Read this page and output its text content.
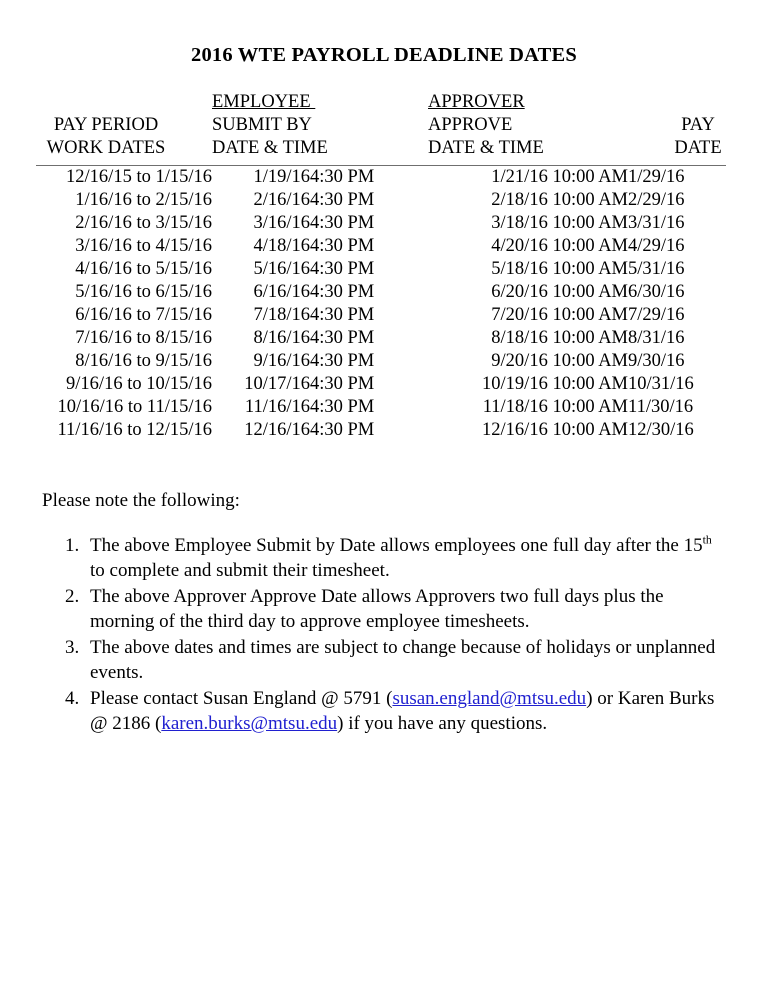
2016 WTE PAYROLL DEADLINE DATES
	EMPLOYEE		APPROVER	
PAY PERIOD	SUBMIT BY		APPROVE	PAY
WORK DATES	DATE & TIME		DATE & TIME	DATE

12/16/15 to 1/15/16	1/19/16	4:30 PM	1/21/16 10:00 AM	1/29/16
1/16/16 to 2/15/16	2/16/16	4:30 PM	2/18/16 10:00 AM	2/29/16
2/16/16 to 3/15/16	3/16/16	4:30 PM	3/18/16 10:00 AM	3/31/16
3/16/16 to 4/15/16	4/18/16	4:30 PM	4/20/16 10:00 AM	4/29/16
4/16/16 to 5/15/16	5/16/16	4:30 PM	5/18/16 10:00 AM	5/31/16
5/16/16 to 6/15/16	6/16/16	4:30 PM	6/20/16 10:00 AM	6/30/16
6/16/16 to 7/15/16	7/18/16	4:30 PM	7/20/16 10:00 AM	7/29/16
7/16/16 to 8/15/16	8/16/16	4:30 PM	8/18/16 10:00 AM	8/31/16
8/16/16 to 9/15/16	9/16/16	4:30 PM	9/20/16 10:00 AM	9/30/16
9/16/16 to 10/15/16	10/17/16	4:30 PM	10/19/16 10:00 AM	10/31/16
10/16/16 to 11/15/16	11/16/16	4:30 PM	11/18/16 10:00 AM	11/30/16
11/16/16 to 12/15/16	12/16/16	4:30 PM	12/16/16 10:00 AM	12/30/16

Please note the following:

1. The above Employee Submit by Date allows employees one full day after the 15th to complete and submit their timesheet.
2. The above Approver Approve Date allows Approvers two full days plus the morning of the third day to approve employee timesheets.
3. The above dates and times are subject to change because of holidays or unplanned events.
4. Please contact Susan England @ 5791 (susan.england@mtsu.edu) or Karen Burks @ 2186 (karen.burks@mtsu.edu) if you have any questions.
